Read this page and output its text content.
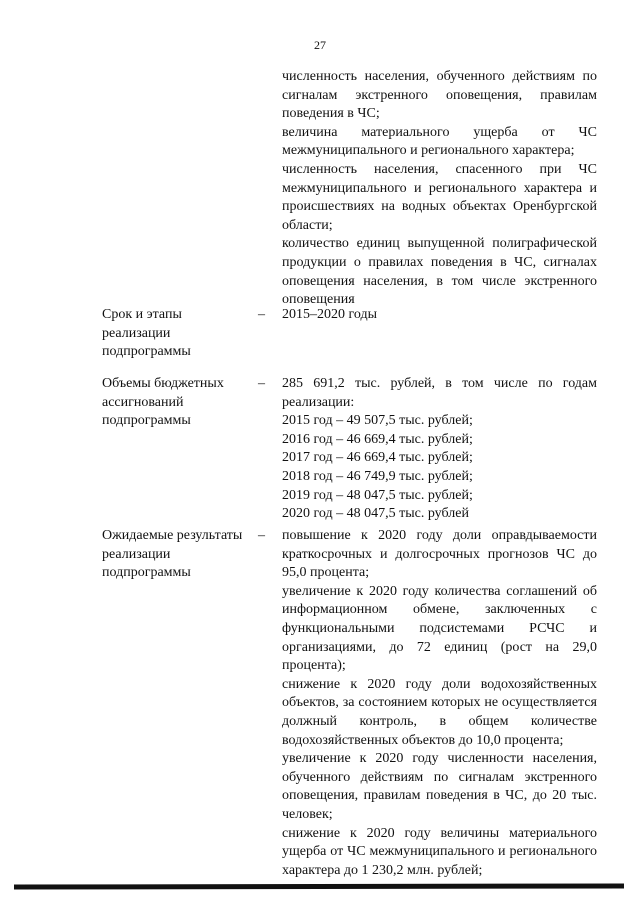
27

численность населения, обученного действиям по сигналам экстренного оповещения, правилам поведения в ЧС;

величина материального ущерба от ЧС межмуниципального и регионального характера;

численность населения, спасенного при ЧС межмуниципального и регионального характера и происшествиях на водных объектах Оренбургской области;

количество единиц выпущенной полиграфической продукции о правилах поведения в ЧС, сигналах оповещения населения, в том числе экстренного оповещения

Срок и этапы реализации подпрограммы
– 2015–2020 годы

Объемы бюджетных ассигнований подпрограммы
– 285 691,2 тыс. рублей, в том числе по годам реализации:

2015 год – 49 507,5 тыс. рублей;

2016 год – 46 669,4 тыс. рублей;

2017 год – 46 669,4 тыс. рублей;

2018 год – 46 749,9 тыс. рублей;

2019 год – 48 047,5 тыс. рублей;

2020 год – 48 047,5 тыс. рублей

Ожидаемые результаты реализации подпрограммы
– повышение к 2020 году доли оправдываемости краткосрочных и долгосрочных прогнозов ЧС до 95,0 процента;

увеличение к 2020 году количества соглашений об информационном обмене, заключенных с функциональными подсистемами РСЧС и организациями, до 72 единиц (рост на 29,0 процента);

снижение к 2020 году доли водохозяйственных объектов, за состоянием которых не осуществляется должный контроль, в общем количестве водохозяйственных объектов до 10,0 процента;

увеличение к 2020 году численности населения, обученного действиям по сигналам экстренного оповещения, правилам поведения в ЧС, до 20 тыс. человек;

снижение к 2020 году величины материального ущерба от ЧС межмуниципального и регионального характера до 1 230,2 млн. рублей;
